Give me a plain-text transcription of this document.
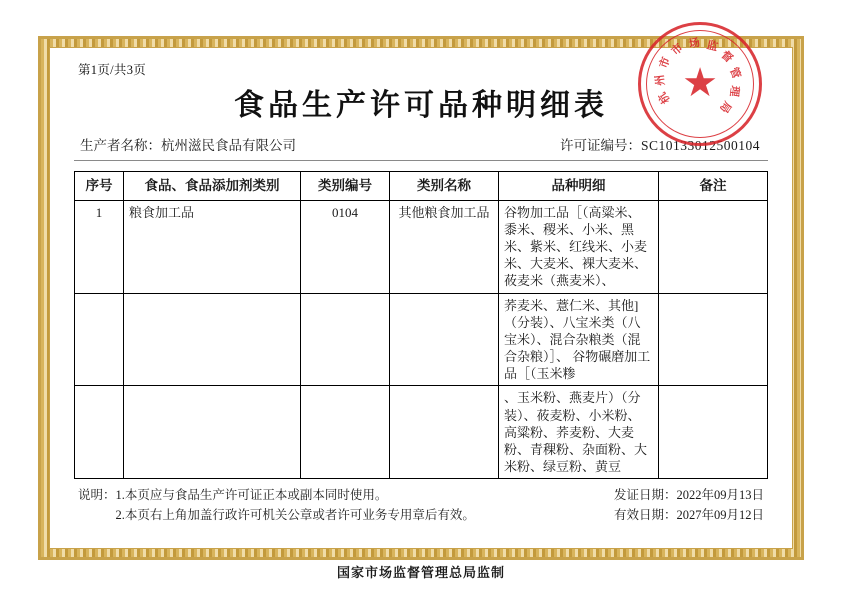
第1页/共3页
食品生产许可品种明细表
生产者名称：杭州滋民食品有限公司	许可证编号：SC10133012500104
序号	食品、食品添加剂类别	类别编号	类别名称	品种明细	备注
1	粮食加工品	0104	其他粮食加工品	谷物加工品［（高粱米、黍米、稷米、小米、黑米、紫米、红线米、小麦米、大麦米、裸大麦米、莜麦米（燕麦米）、	
				荞麦米、薏仁米、其他]（分装）、八宝米类（八宝米）、混合杂粮类（混合杂粮）］、 谷物碾磨加工品［（玉米糁	
				、玉米粉、燕麦片）（分装）、莜麦粉、小米粉、高粱粉、荞麦粉、大麦粉、青稞粉、杂面粉、大米粉、绿豆粉、黄豆	
说明：1.本页应与食品生产许可证正本或副本同时使用。
2.本页右上角加盖行政许可机关公章或者许可业务专用章后有效。
发证日期：2022年09月13日
有效日期：2027年09月12日
国家市场监督管理总局监制
★
杭
州
市
市 场 监
督
管
理
局
